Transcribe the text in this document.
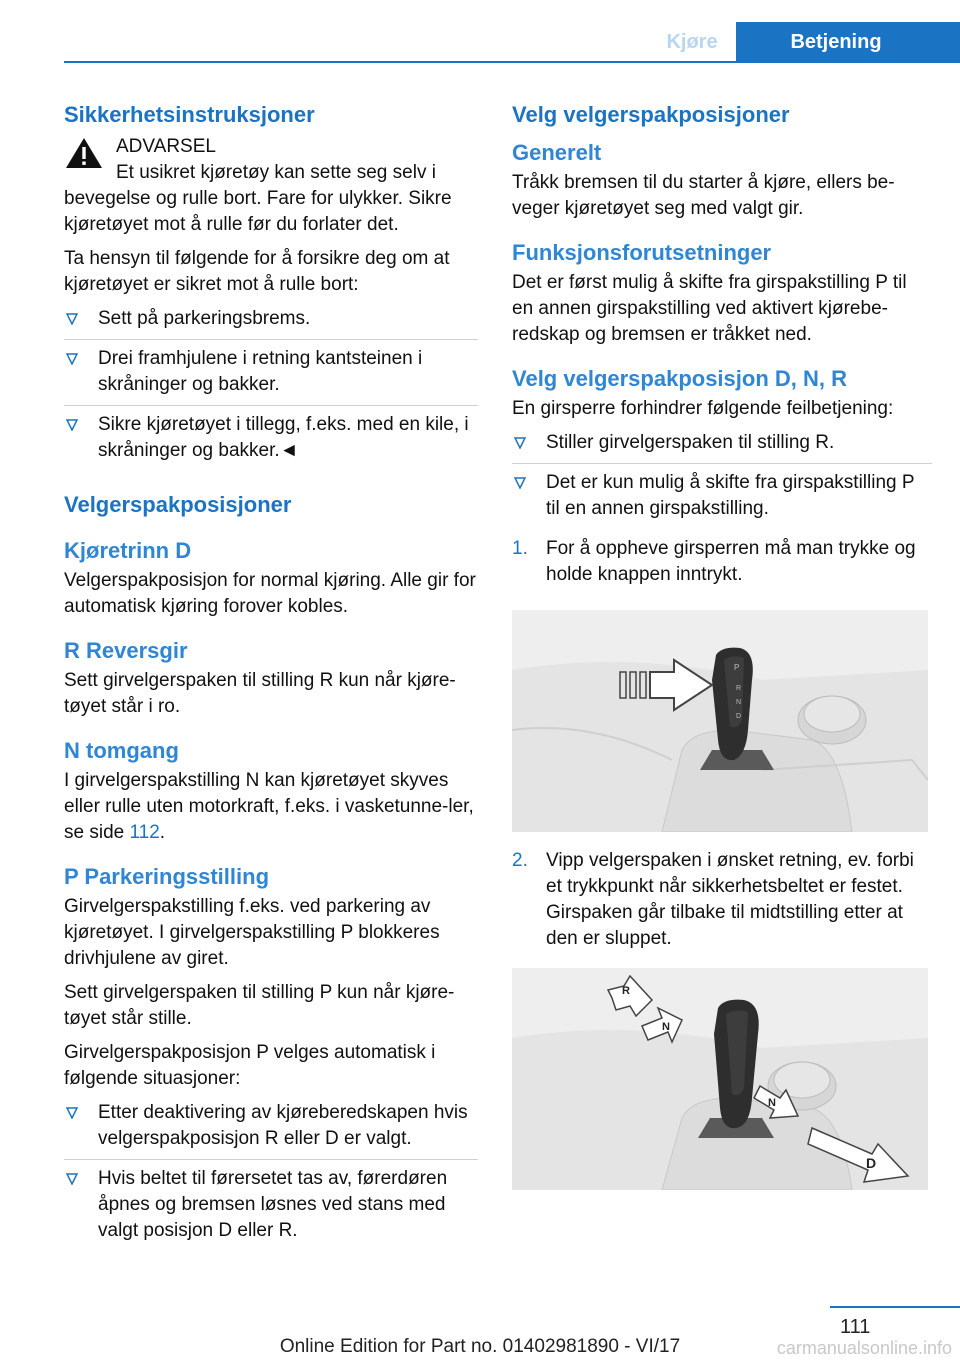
Kjøre	Betjening
Sikkerhetsinstruksjoner
ADVARSEL
Et usikret kjøretøy kan sette seg selv i bevegelse og rulle bort. Fare for ulykker. Sikre kjøretøyet mot å rulle før du forlater det.

Ta hensyn til følgende for å forsikre deg om at kjøretøyet er sikret mot å rulle bort:

Sett på parkeringsbrems.
Drei framhjulene i retning kantsteinen i skråninger og bakker.
Sikre kjøretøyet i tillegg, f.eks. med en kile, i skråninger og bakker.◄
Velgerspakposisjoner
Kjøretrinn D

Velgerspakposisjon for normal kjøring. Alle gir for automatisk kjøring forover kobles.

R Reversgir

Sett girvelgerspaken til stilling R kun når kjøre-tøyet står i ro.

N tomgang

I girvelgerspakstilling N kan kjøretøyet skyves eller rulle uten motorkraft, f.eks. i vasketunne-ler, se side 112.

P Parkeringsstilling

Girvelgerspakstilling f.eks. ved parkering av kjøretøyet. I girvelgerspakstilling P blokkeres drivhjulene av giret.

Sett girvelgerspaken til stilling P kun når kjøre-tøyet står stille.

Girvelgerspakposisjon P velges automatisk i følgende situasjoner:

Etter deaktivering av kjøreberedskapen hvis velgerspakposisjon R eller D er valgt.
Hvis beltet til førersetet tas av, førerdøren åpnes og bremsen løsnes ved stans med valgt posisjon D eller R.
Velg velgerspakposisjoner
Generelt

Tråkk bremsen til du starter å kjøre, ellers be-veger kjøretøyet seg med valgt gir.

Funksjonsforutsetninger

Det er først mulig å skifte fra girspakstilling P til en annen girspakstilling ved aktivert kjørebe-redskap og bremsen er tråkket ned.

Velg velgerspakposisjon D, N, R

En girsperre forhindrer følgende feilbetjening:

Stiller girvelgerspaken til stilling R.
Det er kun mulig å skifte fra girspakstilling P til en annen girspakstilling.
1. For å oppheve girsperren må man trykke og holde knappen inntrykt.
P
R
N
D
2. Vipp velgerspaken i ønsket retning, ev. forbi et trykkpunkt når sikkerhetsbeltet er festet. Girspaken går tilbake til midtstilling etter at den er sluppet.
R
N
N
D
111
Online Edition for Part no. 01402981890 - VI/17	carmanualsonline.info
